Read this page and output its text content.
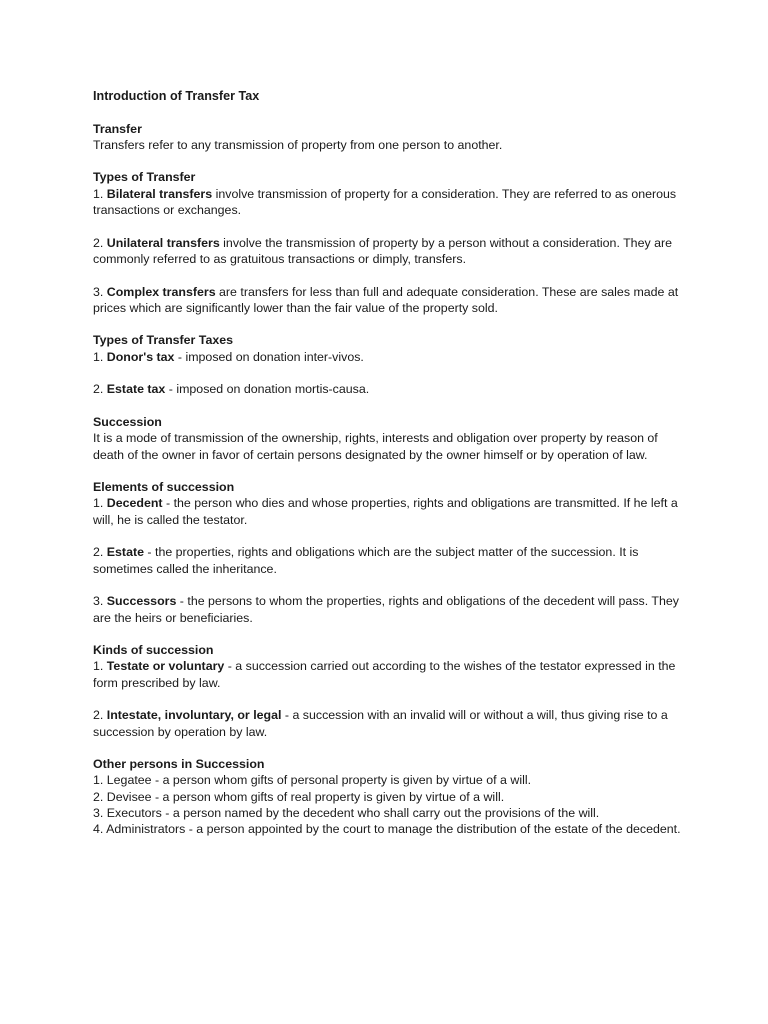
Introduction of Transfer Tax

Transfer

Transfers refer to any transmission of property from one person to another.

Types of Transfer

1. Bilateral transfers involve transmission of property for a consideration. They are referred to as onerous transactions or exchanges.

2. Unilateral transfers involve the transmission of property by a person without a consideration. They are commonly referred to as gratuitous transactions or dimply, transfers.

3. Complex transfers are transfers for less than full and adequate consideration. These are sales made at prices which are significantly lower than the fair value of the property sold.

Types of Transfer Taxes

1. Donor's tax - imposed on donation inter-vivos.

2. Estate tax - imposed on donation mortis-causa.

Succession

It is a mode of transmission of the ownership, rights, interests and obligation over property by reason of death of the owner in favor of certain persons designated by the owner himself or by operation of law.

Elements of succession

1. Decedent - the person who dies and whose properties, rights and obligations are transmitted. If he left a will, he is called the testator.

2. Estate - the properties, rights and obligations which are the subject matter of the succession. It is sometimes called the inheritance.

3. Successors - the persons to whom the properties, rights and obligations of the decedent will pass. They are the heirs or beneficiaries.

Kinds of succession

1. Testate or voluntary - a succession carried out according to the wishes of the testator expressed in the form prescribed by law.

2. Intestate, involuntary, or legal - a succession with an invalid will or without a will, thus giving rise to a succession by operation by law.

Other persons in Succession

1. Legatee - a person whom gifts of personal property is given by virtue of a will.

2. Devisee - a person whom gifts of real property is given by virtue of a will.

3. Executors - a person named by the decedent who shall carry out the provisions of the will.

4. Administrators - a person appointed by the court to manage the distribution of the estate of the decedent.
